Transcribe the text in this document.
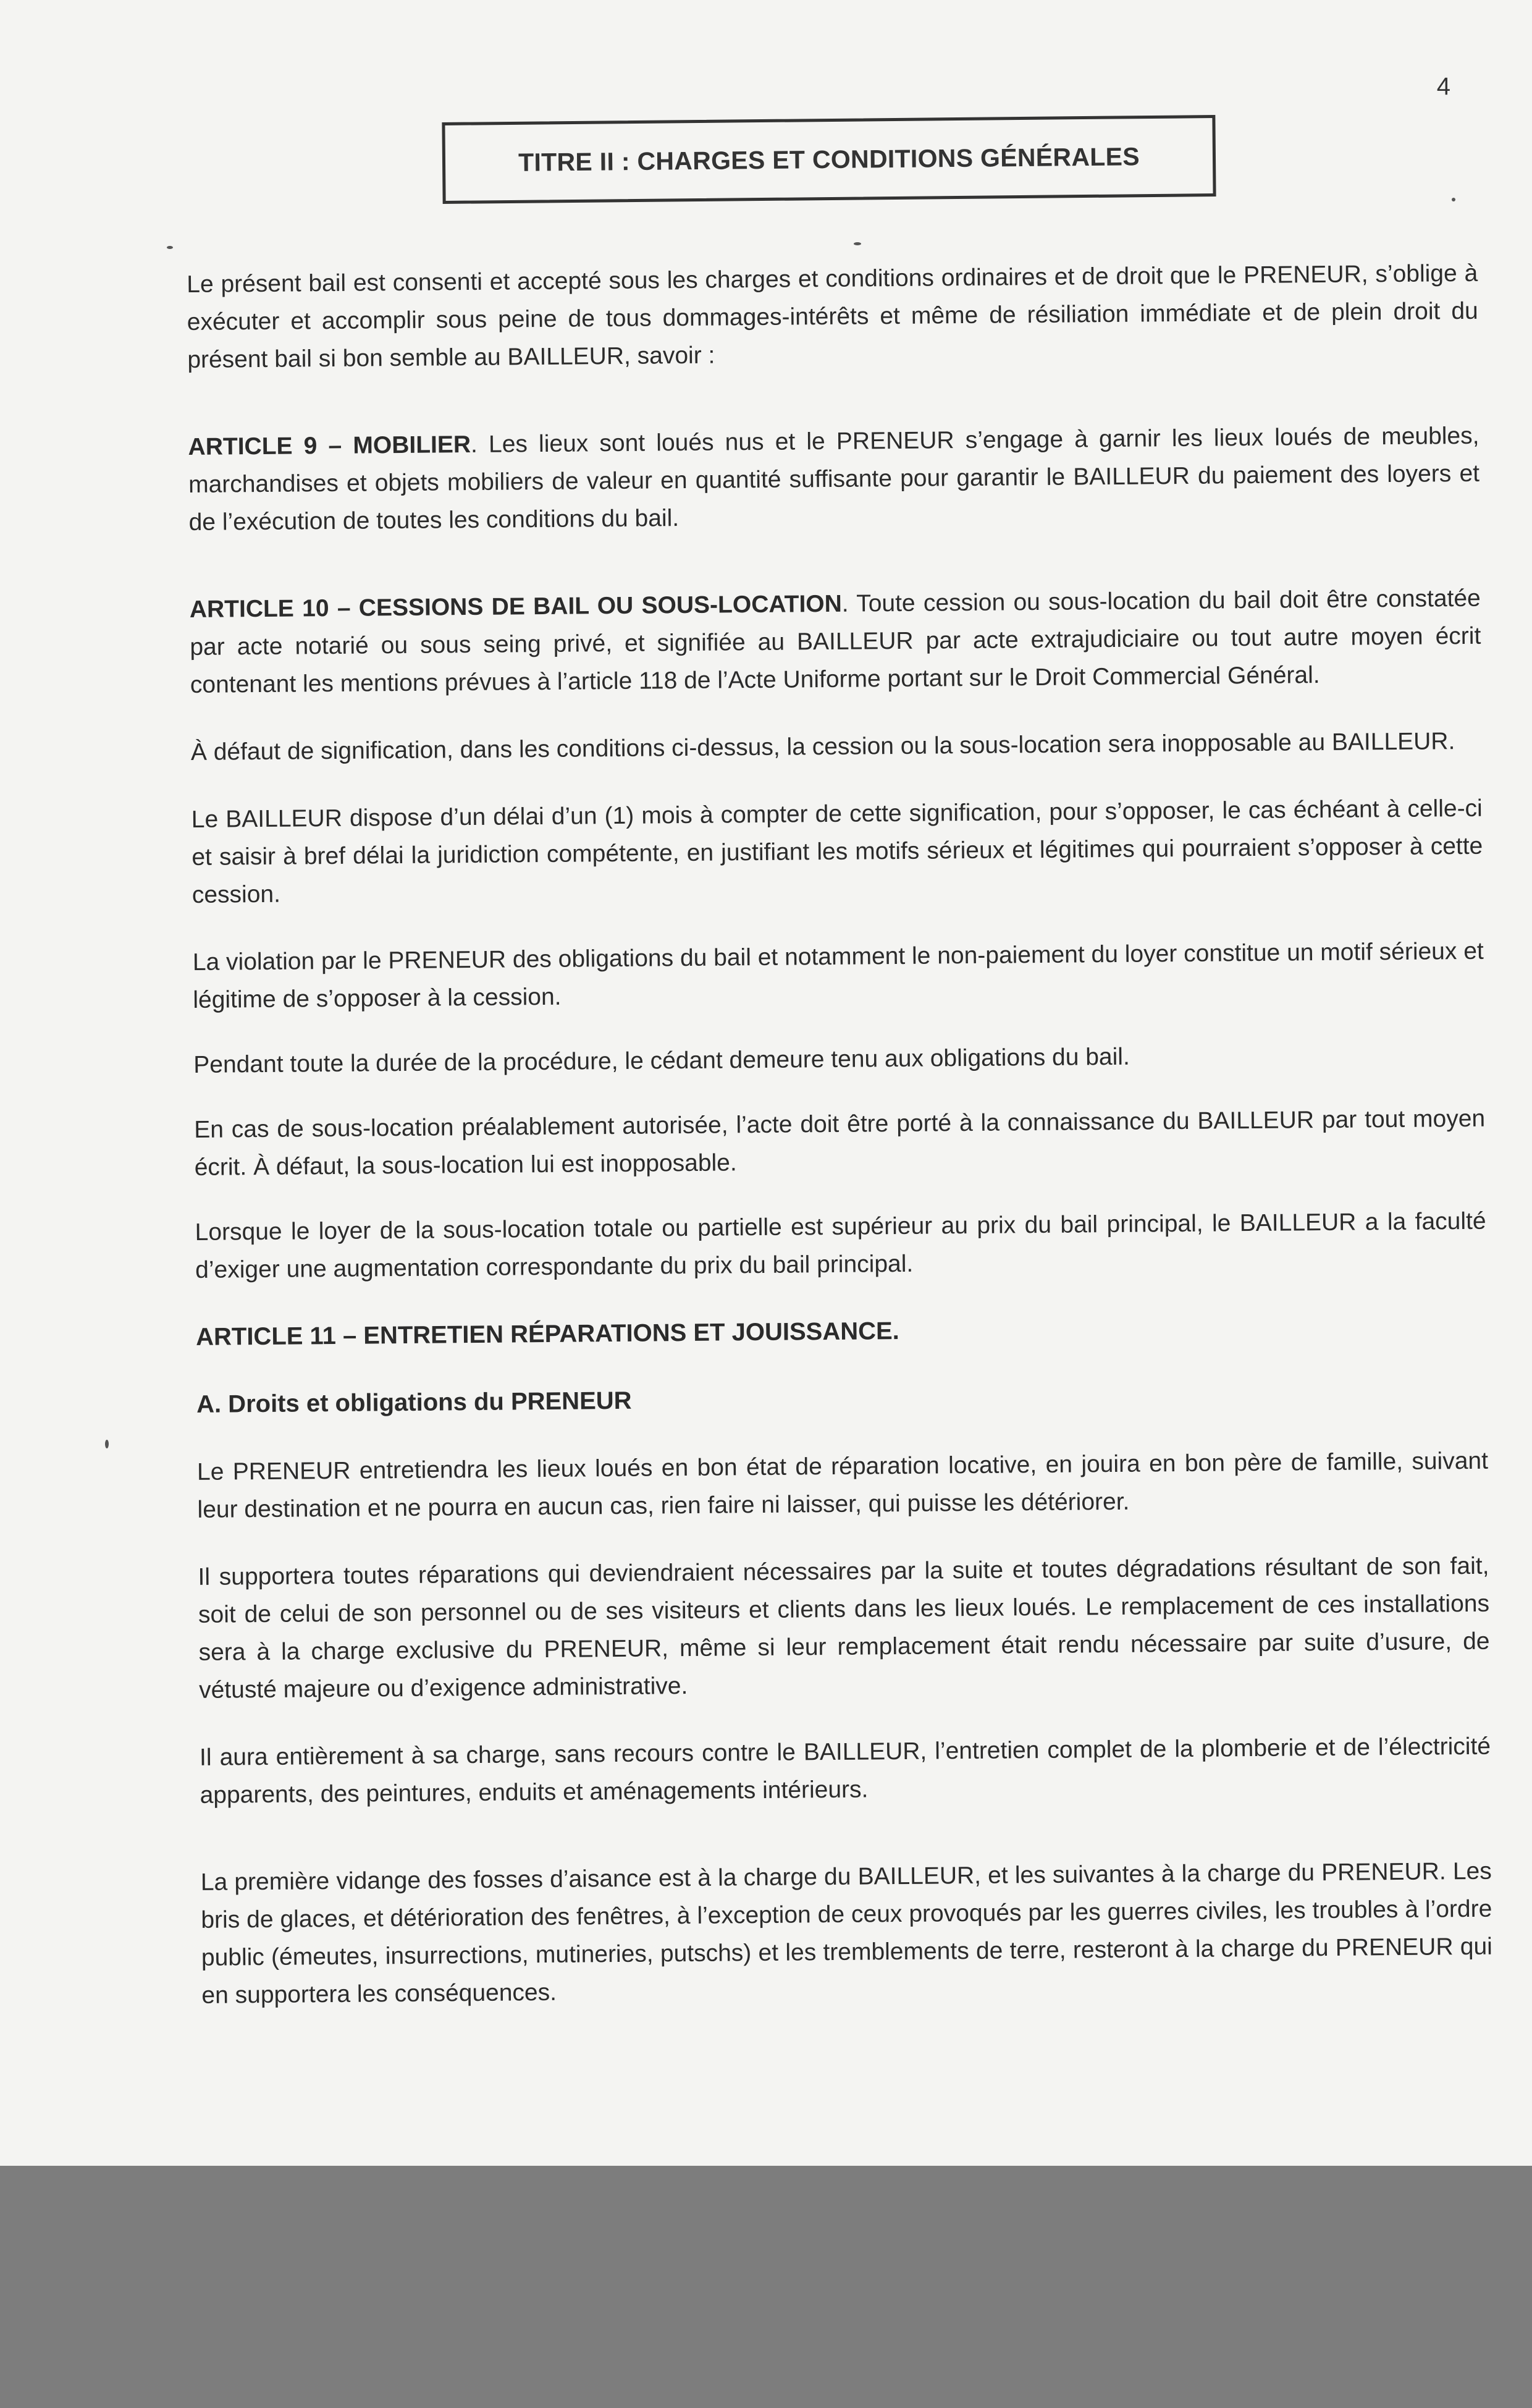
4
TITRE II : CHARGES ET CONDITIONS GÉNÉRALES

Le présent bail est consenti et accepté sous les charges et conditions ordinaires et de droit que le PRENEUR, s’oblige à exécuter et accomplir sous peine de tous dommages-intérêts et même de résiliation immédiate et de plein droit du présent bail si bon semble au BAILLEUR, savoir :

ARTICLE 9 – MOBILIER. Les lieux sont loués nus et le PRENEUR s’engage à garnir les lieux loués de meubles, marchandises et objets mobiliers de valeur en quantité suffisante pour garantir le BAILLEUR du paiement des loyers et de l’exécution de toutes les conditions du bail.

ARTICLE 10 – CESSIONS DE BAIL OU SOUS-LOCATION. Toute cession ou sous-location du bail doit être constatée par acte notarié ou sous seing privé, et signifiée au BAILLEUR par acte extrajudiciaire ou tout autre moyen écrit contenant les mentions prévues à l’article 118 de l’Acte Uniforme portant sur le Droit Commercial Général.

À défaut de signification, dans les conditions ci-dessus, la cession ou la sous-location sera inopposable au BAILLEUR.

Le BAILLEUR dispose d’un délai d’un (1) mois à compter de cette signification, pour s’opposer, le cas échéant à celle-ci et saisir à bref délai la juridiction compétente, en justifiant les motifs sérieux et légitimes qui pourraient s’opposer à cette cession.

La violation par le PRENEUR des obligations du bail et notamment le non-paiement du loyer constitue un motif sérieux et légitime de s’opposer à la cession.

Pendant toute la durée de la procédure, le cédant demeure tenu aux obligations du bail.

En cas de sous-location préalablement autorisée, l’acte doit être porté à la connaissance du BAILLEUR par tout moyen écrit. À défaut, la sous-location lui est inopposable.

Lorsque le loyer de la sous-location totale ou partielle est supérieur au prix du bail principal, le BAILLEUR a la faculté d’exiger une augmentation correspondante du prix du bail principal.

ARTICLE 11 – ENTRETIEN RÉPARATIONS ET JOUISSANCE.

A. Droits et obligations du PRENEUR

Le PRENEUR entretiendra les lieux loués en bon état de réparation locative, en jouira en bon père de famille, suivant leur destination et ne pourra en aucun cas, rien faire ni laisser, qui puisse les détériorer.

Il supportera toutes réparations qui deviendraient nécessaires par la suite et toutes dégradations résultant de son fait, soit de celui de son personnel ou de ses visiteurs et clients dans les lieux loués. Le remplacement de ces installations sera à la charge exclusive du PRENEUR, même si leur remplacement était rendu nécessaire par suite d’usure, de vétusté majeure ou d’exigence administrative.

Il aura entièrement à sa charge, sans recours contre le BAILLEUR, l’entretien complet de la plomberie et de l’électricité apparents, des peintures, enduits et aménagements intérieurs.

La première vidange des fosses d’aisance est à la charge du BAILLEUR, et les suivantes à la charge du PRENEUR. Les bris de glaces, et détérioration des fenêtres, à l’exception de ceux provoqués par les guerres civiles, les troubles à l’ordre public (émeutes, insurrections, mutineries, putschs) et les tremblements de terre, resteront à la charge du PRENEUR qui en supportera les conséquences.
